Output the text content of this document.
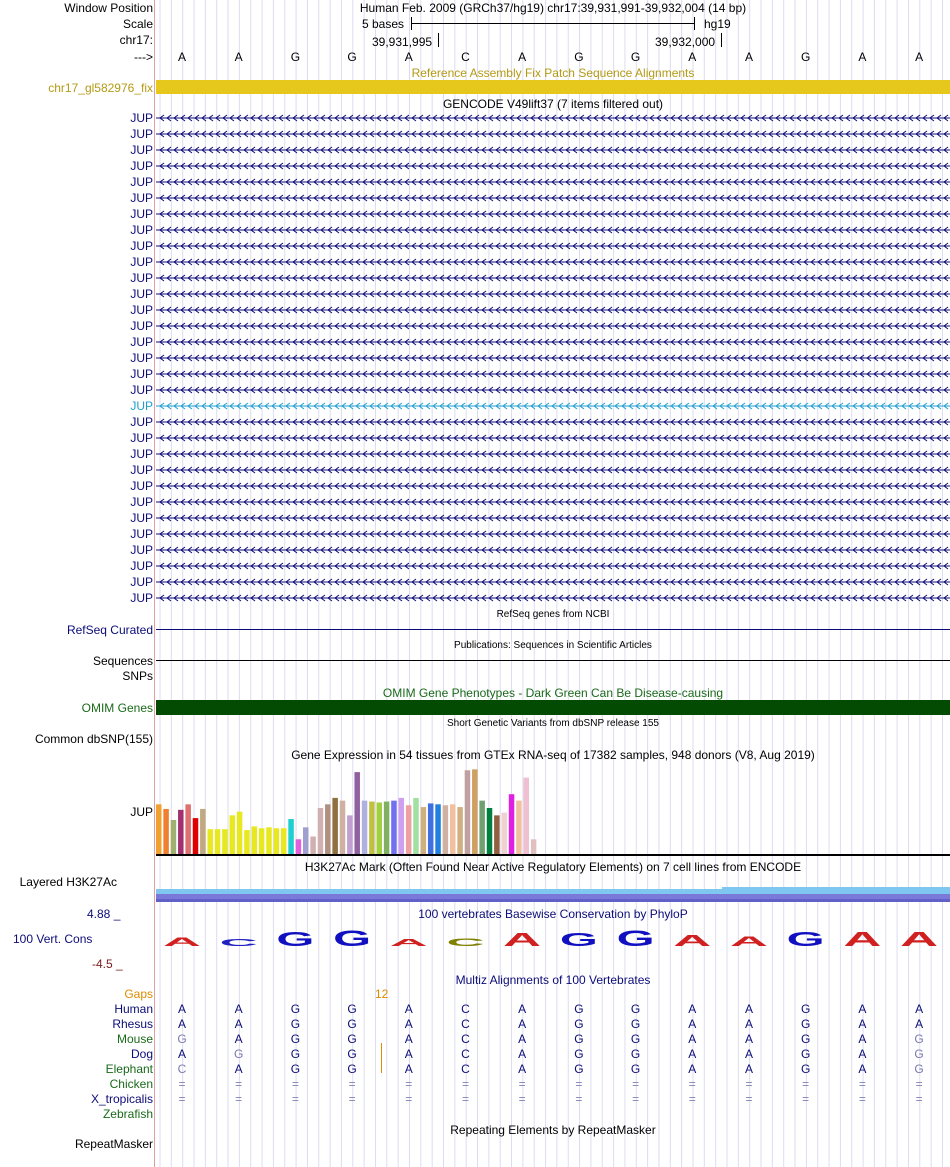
Window Position	Human Feb. 2009 (GRCh37/hg19) chr17:39,931,991-39,932,004 (14 bp)
Scale	5 bases	hg19
chr17:	39,931,995	39,932,000
--->	A	A	G	G	A	C	A	G	G	A	A	G	A	A
Reference Assembly Fix Patch Sequence Alignments
chr17_gl582976_fix
GENCODE V49lift37 (7 items filtered out)
JUP
JUP
JUP
JUP
JUP
JUP
JUP
JUP
JUP
JUP
JUP
JUP
JUP
JUP
JUP
JUP
JUP
JUP
JUP
JUP
JUP
JUP
JUP
JUP
JUP
JUP
JUP
JUP
JUP
JUP
JUP
RefSeq genes from NCBI
RefSeq Curated
Publications: Sequences in Scientific Articles
Sequences
SNPs
OMIM Gene Phenotypes - Dark Green Can Be Disease-causing
OMIM Genes
Short Genetic Variants from dbSNP release 155
Common dbSNP(155)
Gene Expression in 54 tissues from GTEx RNA-seq of 17382 samples, 948 donors (V8, Aug 2019)
JUP
H3K27Ac Mark (Often Found Near Active Regulatory Elements) on 7 cell lines from ENCODE
Layered H3K27Ac
100 vertebrates Basewise Conservation by PhyloP
4.88 _
100 Vert. Cons
-4.5 _
A C G G A C A G G A A G A A
Multiz Alignments of 100 Vertebrates
Gaps	12
Human	A	A	G	G	A	C	A	G	G	A	A	G	A	A
Rhesus	A	A	G	G	A	C	A	G	G	A	A	G	A	A
Mouse	G	A	G	G	A	C	A	G	G	A	A	G	A	G
Dog	A	G	G	G	A	C	A	G	G	A	A	G	A	G
Elephant	C	A	G	G	A	C	A	G	G	A	A	G	A	G
Chicken	=	=	=	=	=	=	=	=	=	=	=	=	=	=
X_tropicalis	=	=	=	=	=	=	=	=	=	=	=	=	=	=
Zebrafish
Repeating Elements by RepeatMasker
RepeatMasker
